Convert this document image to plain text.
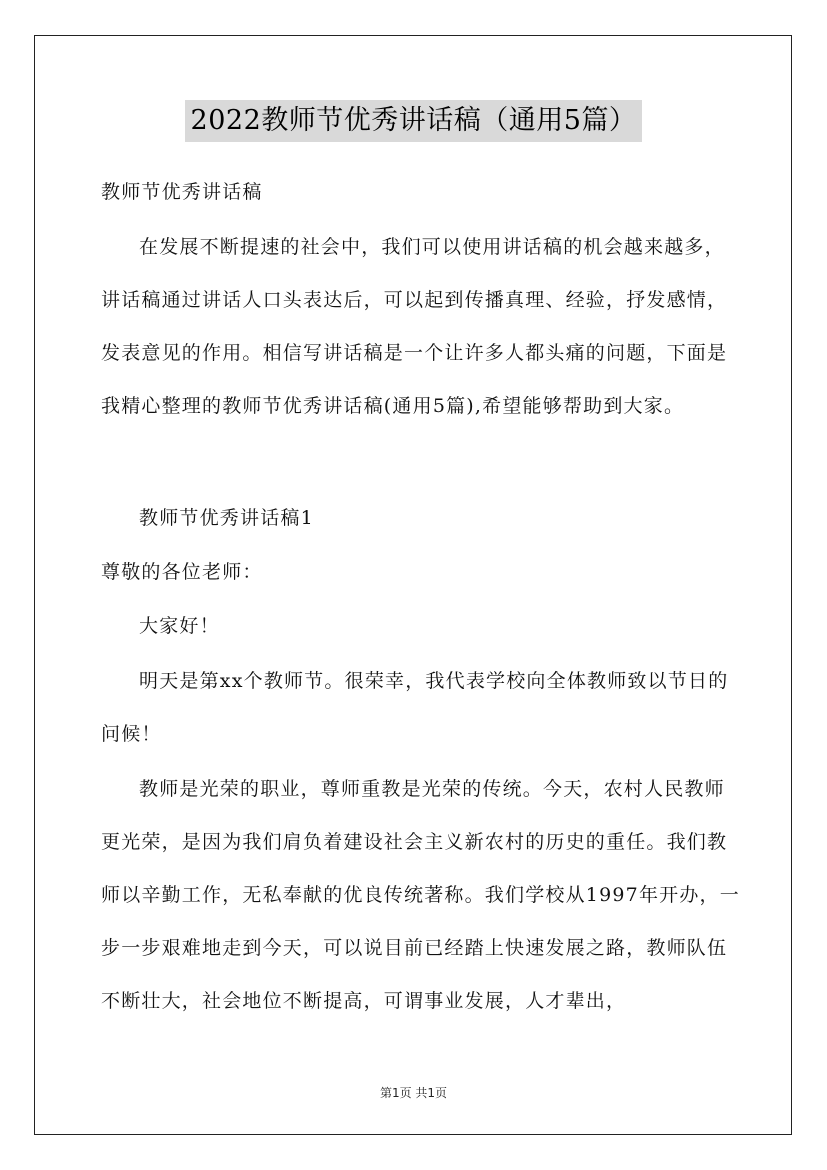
2022教师节优秀讲话稿（通用5篇）

教师节优秀讲话稿

在发展不断提速的社会中，我们可以使用讲话稿的机会越来越多，讲话稿通过讲话人口头表达后，可以起到传播真理、经验，抒发感情，发表意见的作用。相信写讲话稿是一个让许多人都头痛的问题，下面是我精心整理的教师节优秀讲话稿(通用5篇),希望能够帮助到大家。

教师节优秀讲话稿1

尊敬的各位老师：

大家好！

明天是第xx个教师节。很荣幸，我代表学校向全体教师致以节日的问候！

教师是光荣的职业，尊师重教是光荣的传统。今天，农村人民教师更光荣，是因为我们肩负着建设社会主义新农村的历史的重任。我们教师以辛勤工作，无私奉献的优良传统著称。我们学校从1997年开办，一步一步艰难地走到今天，可以说目前已经踏上快速发展之路，教师队伍不断壮大，社会地位不断提高，可谓事业发展，人才辈出，

第1页 共1页
